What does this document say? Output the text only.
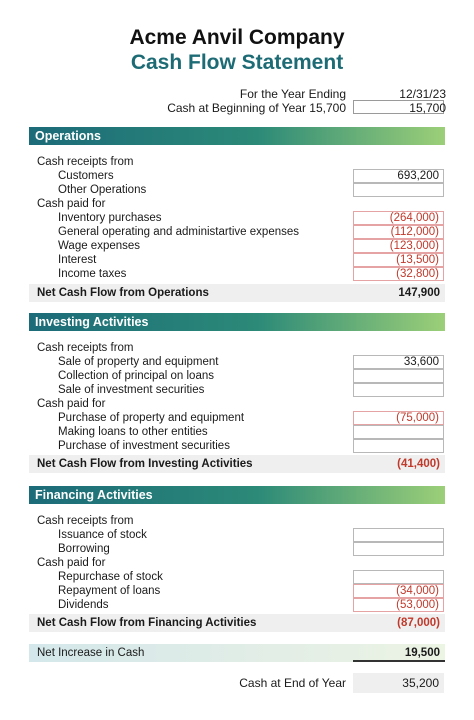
Acme Anvil Company
Cash Flow Statement
For the Year Ending	12/31/23
Cash at Beginning of Year 15,700	15,700
Operations
Cash receipts from
Customers	693,200
Other Operations
Cash paid for
Inventory purchases	(264,000)
General operating and administartive expenses	(112,000)
Wage expenses	(123,000)
Interest	(13,500)
Income taxes	(32,800)
Net Cash Flow from Operations	147,900
Investing Activities
Cash receipts from
Sale of property and equipment	33,600
Collection of principal on loans
Sale of investment securities
Cash paid for
Purchase of property and equipment	(75,000)
Making loans to other entities
Purchase of investment securities
Net Cash Flow from Investing Activities	(41,400)
Financing Activities
Cash receipts from
Issuance of stock
Borrowing
Cash paid for
Repurchase of stock
Repayment of loans	(34,000)
Dividends	(53,000)
Net Cash Flow from Financing Activities	(87,000)
Net Increase in Cash	19,500
Cash at End of Year	35,200
